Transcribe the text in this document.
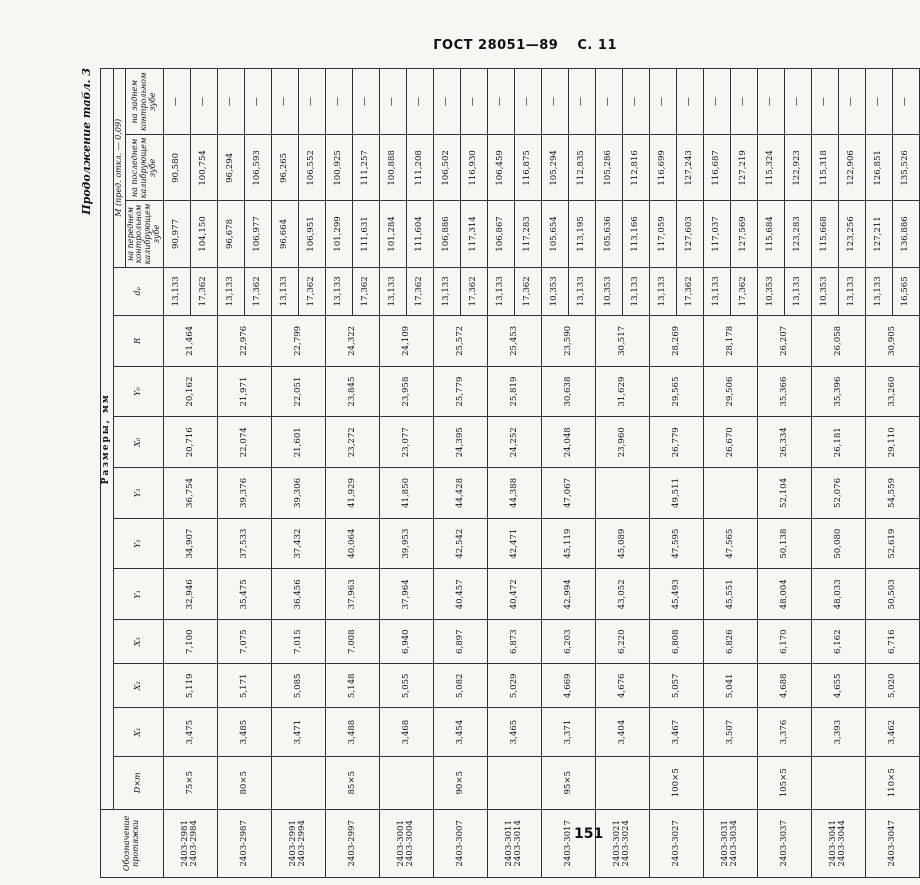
ГОСТ 28051—89 С. 11
Продолжение табл. 3
Обозначение протяжки	Размеры, мм													
	D×m	X₁	X₂	X₃	Y₁	Y₂	Y₃	X₀	Y₀	R	dₚ	M (пред. откл. — 0,09)		
												на переднем контрольном калибрующем зубе	на последнем калибрующем зубе	на заднем контрольном зубе
2403-2981 2403-2984	75×5	3,475	5,119	7,100	32,946	34,907	36,754	20,716	20,162	21,464	13,133	90,977	90,580	—
											17,362	104,150	100,754	—
2403-2987	80×5	3,485	5,171	7,075	35,475	37,533	39,376	22,074	21,971	22,976	13,133	96,678	96,294	—
											17,362	106,977	106,593	—
2403-2991 2403-2994		3,471	5,085	7,015	36,456	37,432	39,306	21,601	22,051	22,799	13,133	96,664	96,265	—
											17,362	106,951	106,552	—
2403-2997	85×5	3,488	5,148	7,008	37,963	40,064	41,929	23,272	23,845	24,322	13,133	101,299	100,925	—
											17,362	111,631	111,257	—
2403-3001 2403-3004		3,468	5,055	6,940	37,964	39,953	41,850	23,077	23,958	24,109	13,133	101,284	100,888	—
											17,362	111,604	111,208	—
2403-3007	90×5	3,454	5,082	6,897	40,457	42,542	44,428	24,395	25,779	25,572	13,133	106,886	106,502	—
											17,362	117,314	116,930	—
2403-3011 2403-3014		3,465	5,029	6,873	40,472	42,471	44,388	24,252	25,819	25,453	13,133	106,867	106,459	—
											17,362	117,283	116,875	—
2403-3017	95×5	3,371	4,669	6,203	42,994	45,119	47,067	24,048	30,638	23,590	10,353	105,654	105,294	—
											13,133	113,195	112,835	—
2403-3021 2403-3024		3,404	4,676	6,220	43,052	45,089		23,960	31,629	30,517	10,353	105,636	105,286	—
											13,133	113,166	112,816	—
2403-3027	100×5	3,467	5,057	6,808	45,493	47,595	49,511	26,779	29,565	28,269	13,133	117,059	116,699	—
											17,362	127,603	127,243	—
2403-3031 2403-3034		3,507	5,041	6,826	45,551	47,565		26,670	29,506	28,178	13,133	117,037	116,687	—
											17,362	127,569	127,219	—
2403-3037	105×5	3,376	4,688	6,170	48,004	50,138	52,104	26,334	35,366	26,207	10,353	115,684	115,324	—
											13,133	123,283	122,923	—
2403-3041 2403-3044		3,393	4,655	6,162	48,033	50,080	52,076	26,181	35,396	26,058	10,353	115,668	115,318	—
											13,133	123,256	122,906	—
2403-3047	110×5	3,462	5,020	6,716	50,503	52,619	54,559	29,110	33,260	30,905	13,133	127,211	126,851	—
											16,565	136,886	135,526	—
151
